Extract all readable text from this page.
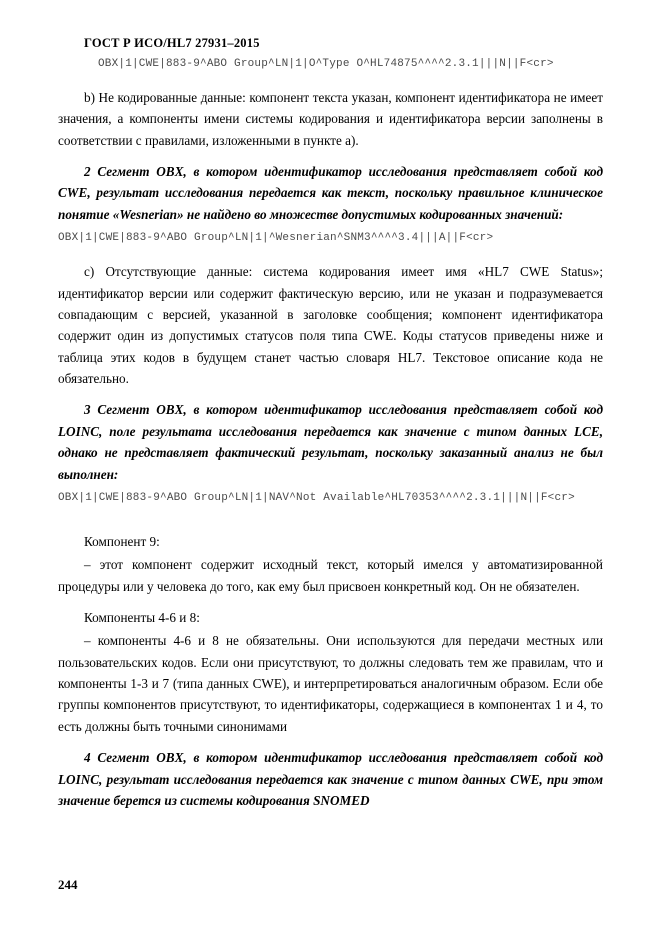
ГОСТ Р ИСО/HL7 27931–2015
OBX|1|CWE|883-9^ABO Group^LN|1|O^Type O^HL74875^^^^2.3.1|||N||F<cr>

b) Не кодированные данные: компонент текста указан, компонент идентификатора не имеет значения, а компоненты имени системы кодирования и идентификатора версии заполнены в соответствии с правилами, изложенными в пункте а).

2 Сегмент OBX, в котором идентификатор исследования представляет собой код CWE, результат исследования передается как текст, поскольку правильное клиническое понятие «Wesnerian» не найдено во множестве допустимых кодированных значений:

OBX|1|CWE|883-9^ABO Group^LN|1|^Wesnerian^SNM3^^^^3.4|||A||F<cr>

c) Отсутствующие данные: система кодирования имеет имя «HL7 CWE Status»; идентификатор версии или содержит фактическую версию, или не указан и подразумевается совпадающим с версией, указанной в заголовке сообщения; компонент идентификатора содержит один из допустимых статусов поля типа CWE. Коды статусов приведены ниже и таблица этих кодов в будущем станет частью словаря HL7. Текстовое описание кода не обязательно.

3 Сегмент OBX, в котором идентификатор исследования представляет собой код LOINC, поле результата исследования передается как значение с типом данных LCE, однако не представляет фактический результат, поскольку заказанный анализ не был выполнен:

OBX|1|CWE|883-9^ABO Group^LN|1|NAV^Not Available^HL70353^^^^2.3.1|||N||F<cr>

Компонент 9:

– этот компонент содержит исходный текст, который имелся у автоматизированной процедуры или у человека до того, как ему был присвоен конкретный код. Он не обязателен.

Компоненты 4-6 и 8:

– компоненты 4-6 и 8 не обязательны. Они используются для передачи местных или пользовательских кодов. Если они присутствуют, то должны следовать тем же правилам, что и компоненты 1-3 и 7 (типа данных CWE), и интерпретироваться аналогичным образом. Если обе группы компонентов присутствуют, то идентификаторы, содержащиеся в компонентах 1 и 4, то есть должны быть точными синонимами

4 Сегмент OBX, в котором идентификатор исследования представляет собой код LOINC, результат исследования передается как значение с типом данных CWE, при этом значение берется из системы кодирования SNOMED

244
